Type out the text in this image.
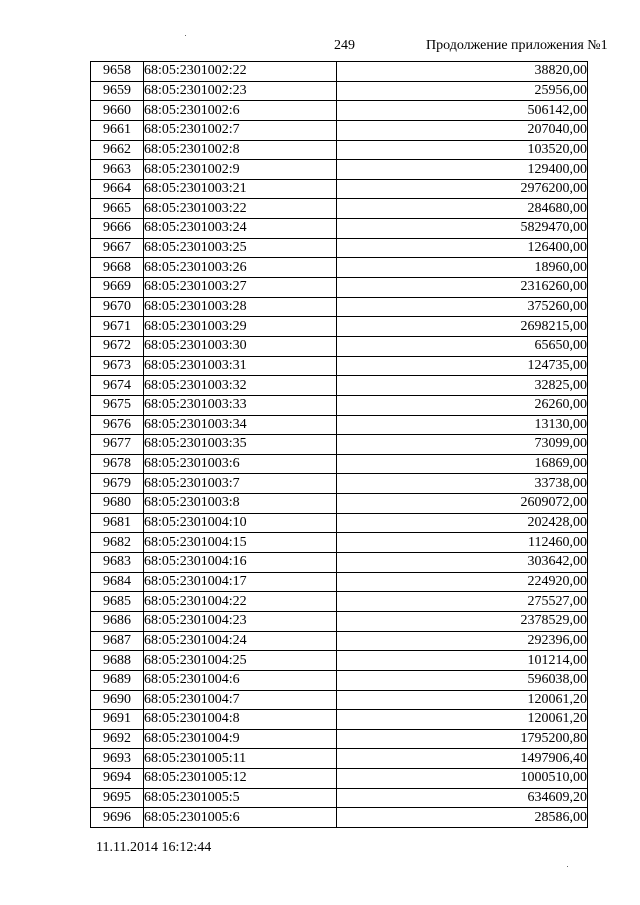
249	Продолжение приложения №1
9658	68:05:2301002:22	38820,00
9659	68:05:2301002:23	25956,00
9660	68:05:2301002:6	506142,00
9661	68:05:2301002:7	207040,00
9662	68:05:2301002:8	103520,00
9663	68:05:2301002:9	129400,00
9664	68:05:2301003:21	2976200,00
9665	68:05:2301003:22	284680,00
9666	68:05:2301003:24	5829470,00
9667	68:05:2301003:25	126400,00
9668	68:05:2301003:26	18960,00
9669	68:05:2301003:27	2316260,00
9670	68:05:2301003:28	375260,00
9671	68:05:2301003:29	2698215,00
9672	68:05:2301003:30	65650,00
9673	68:05:2301003:31	124735,00
9674	68:05:2301003:32	32825,00
9675	68:05:2301003:33	26260,00
9676	68:05:2301003:34	13130,00
9677	68:05:2301003:35	73099,00
9678	68:05:2301003:6	16869,00
9679	68:05:2301003:7	33738,00
9680	68:05:2301003:8	2609072,00
9681	68:05:2301004:10	202428,00
9682	68:05:2301004:15	112460,00
9683	68:05:2301004:16	303642,00
9684	68:05:2301004:17	224920,00
9685	68:05:2301004:22	275527,00
9686	68:05:2301004:23	2378529,00
9687	68:05:2301004:24	292396,00
9688	68:05:2301004:25	101214,00
9689	68:05:2301004:6	596038,00
9690	68:05:2301004:7	120061,20
9691	68:05:2301004:8	120061,20
9692	68:05:2301004:9	1795200,80
9693	68:05:2301005:11	1497906,40
9694	68:05:2301005:12	1000510,00
9695	68:05:2301005:5	634609,20
9696	68:05:2301005:6	28586,00
11.11.2014 16:12:44
